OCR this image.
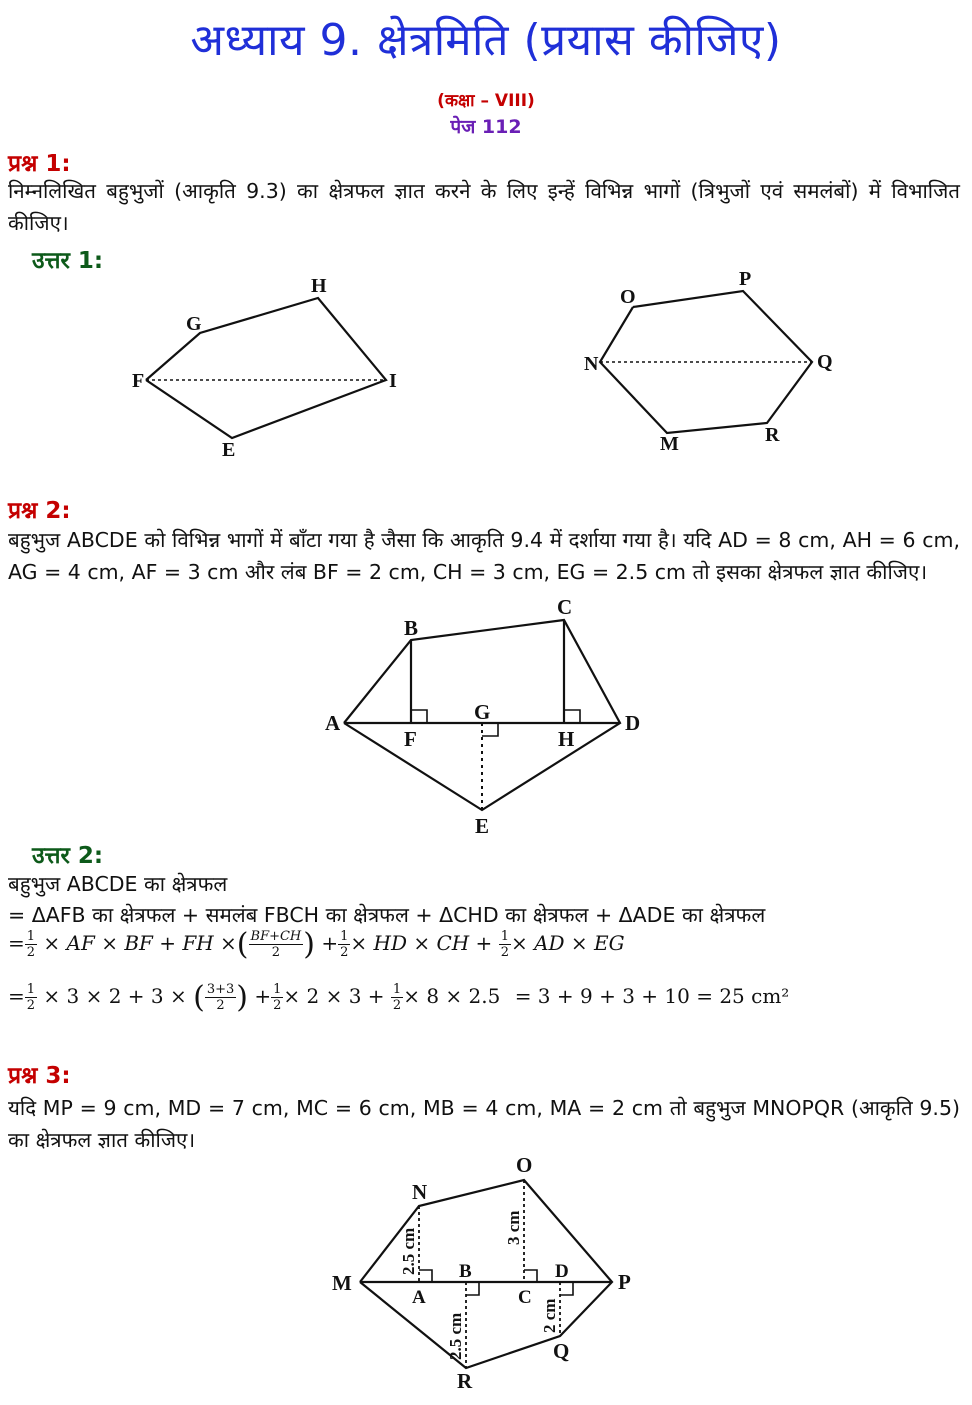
अध्याय 9. क्षेत्रमिति (प्रयास कीजिए)
(कक्षा – VIII)
पेज 112
प्रश्न 1:
निम्नलिखित बहुभुजों (आकृति 9.3) का क्षेत्रफल ज्ञात करने के लिए इन्हें विभिन्न भागों (त्रिभुजों एवं समलंबों) में विभाजित कीजिए।
उत्तर 1:
G
H
F	I
E
O
P
N	Q
M	R
प्रश्न 2:
बहुभुज ABCDE को विभिन्न भागों में बाँटा गया है जैसा कि आकृति 9.4 में दर्शाया गया है। यदि AD = 8 cm, AH = 6 cm, AG = 4 cm, AF = 3 cm और लंब BF = 2 cm, CH = 3 cm, EG = 2.5 cm तो इसका क्षेत्रफल ज्ञात कीजिए।
A
B
C
D
E
F
G
H
उत्तर 2:
बहुभुज ABCDE का क्षेत्रफल
= ΔAFB का क्षेत्रफल + समलंब FBCH का क्षेत्रफल + ΔCHD का क्षेत्रफल + ΔADE का क्षेत्रफल
= $\frac{1}{2}$ × AF × BF + FH ×( $\frac{BF+CH}{2}$ ) + $\frac{1}{2}$ × HD × CH + $\frac{1}{2}$ × AD × EG
= $\frac{1}{2} \times 3 \times 2 + 3$ × ( $\frac{3+3}{2}$ ) + $\frac{1}{2} \times 2 \times 3 + \frac{1}{2} \times 8 \times 2.5 = 3 + 9 + 3 + 10 = 25$ cm²
प्रश्न 3:
यदि MP = 9 cm, MD = 7 cm, MC = 6 cm, MB = 4 cm, MA = 2 cm तो बहुभुज MNOPQR (आकृति 9.5) का क्षेत्रफल ज्ञात कीजिए।
M
N
O
P
Q
R
A
B
C
D
2.5 cm
3 cm
2.5 cm	2 cm
